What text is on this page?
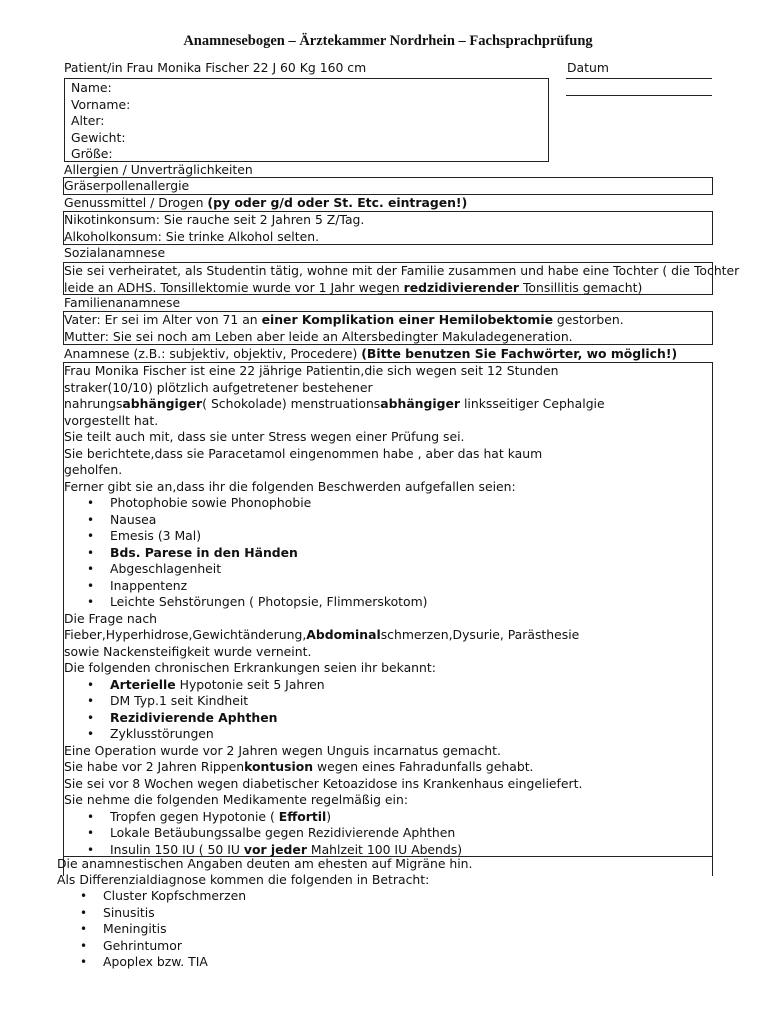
Anamnesebogen – Ärztekammer Nordrhein – Fachsprachprüfung
Patient/in Frau Monika Fischer 22 J 60 Kg 160 cm	Datum
Name:
Vorname:
Alter:
Gewicht:
Größe:
Allergien / Unverträglichkeiten
Gräserpollenallergie
Genussmittel / Drogen (py oder g/d oder St. Etc. eintragen!)
Nikotinkonsum: Sie rauche seit 2 Jahren 5 Z/Tag.
Alkoholkonsum: Sie trinke Alkohol selten.
Sozialanamnese
Sie sei verheiratet, als Studentin tätig, wohne mit der Familie zusammen und habe eine Tochter ( die Tochter
leide an ADHS. Tonsillektomie wurde vor 1 Jahr wegen redzidivierender Tonsillitis gemacht)
Familienanamnese
Vater: Er sei im Alter von 71 an einer Komplikation einer Hemilobektomie gestorben.
Mutter: Sie sei noch am Leben aber leide an Altersbedingter Makuladegeneration.
Anamnese (z.B.: subjektiv, objektiv, Procedere) (Bitte benutzen Sie Fachwörter, wo möglich!)
Frau Monika Fischer ist eine 22 jährige Patientin,die sich wegen seit 12 Stunden
straker(10/10) plötzlich aufgetretener bestehener
nahrungsabhängiger( Schokolade) menstruationsabhängiger linksseitiger Cephalgie
vorgestellt hat.
Sie teilt auch mit, dass sie unter Stress wegen einer Prüfung sei.
Sie berichtete,dass sie Paracetamol eingenommen habe , aber das hat kaum
geholfen.
Ferner gibt sie an,dass ihr die folgenden Beschwerden aufgefallen seien:
• Photophobie sowie Phonophobie
• Nausea
• Emesis (3 Mal)
• Bds. Parese in den Händen
• Abgeschlagenheit
• Inappentenz
• Leichte Sehstörungen ( Photopsie, Flimmerskotom)
Die Frage nach
Fieber,Hyperhidrose,Gewichtänderung,Abdominalschmerzen,Dysurie, Parästhesie
sowie Nackensteifigkeit wurde verneint.
Die folgenden chronischen Erkrankungen seien ihr bekannt:
• Arterielle Hypotonie seit 5 Jahren
• DM Typ.1 seit Kindheit
• Rezidivierende Aphthen
• Zyklusstörungen
Eine Operation wurde vor 2 Jahren wegen Unguis incarnatus gemacht.
Sie habe vor 2 Jahren Rippenkontusion wegen eines Fahradunfalls gehabt.
Sie sei vor 8 Wochen wegen diabetischer Ketoazidose ins Krankenhaus eingeliefert.
Sie nehme die folgenden Medikamente regelmäßig ein:
• Tropfen gegen Hypotonie ( Effortil)
• Lokale Betäubungssalbe gegen Rezidivierende Aphthen
• Insulin 150 IU ( 50 IU vor jeder Mahlzeit 100 IU Abends)
Die anamnestischen Angaben deuten am ehesten auf Migräne hin.
Als Differenzialdiagnose kommen die folgenden in Betracht:
• Cluster Kopfschmerzen
• Sinusitis
• Meningitis
• Gehrintumor
• Apoplex bzw. TIA
